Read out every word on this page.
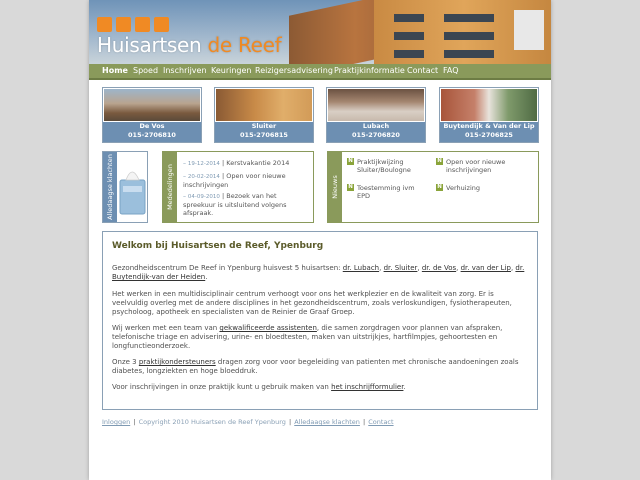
Huisartsen de Reef
Home Spoed Inschrijven Keuringen Reizigersadvisering Praktijkinformatie Contact FAQ
De Vos
015-2706810
Sluiter
015-2706815
Lubach
015-2706820
Buytendijk & Van der Lip
015-2706825
Alledaagse klachten	Mededelingen
– 19-12-2014 | Kerstvakantie 2014
– 20-02-2014 | Open voor nieuwe inschrijvingen
– 04-09-2010 | Bezoek van het spreekuur is uitsluitend volgens afspraak.
Nieuws
N Praktijkwijzing Sluiter/Boulogne
N Toestemming ivm EPD
N Open voor nieuwe inschrijvingen
N Verhuizing
Welkom bij Huisartsen de Reef, Ypenburg

Gezondheidscentrum De Reef in Ypenburg huisvest 5 huisartsen: dr. Lubach, dr. Sluiter, dr. de Vos, dr. van der Lip, dr. Buytendijk-van der Heiden.

Het werken in een multidisciplinair centrum verhoogt voor ons het werkplezier en de kwaliteit van zorg. Er is veelvuldig overleg met de andere disciplines in het gezondheidscentrum, zoals verloskundigen, fysiotherapeuten, psycholoog, apotheek en specialisten van de Reinier de Graaf Groep.

Wij werken met een team van gekwalificeerde assistenten, die samen zorgdragen voor plannen van afspraken, telefonische triage en advisering, urine- en bloedtesten, maken van uitstrijkjes, hartfilmpjes, gehoortesten en longfunctieonderzoek.

Onze 3 praktijkondersteuners dragen zorg voor voor begeleiding van patienten met chronische aandoeningen zoals diabetes, longziekten en hoge bloeddruk.

Voor inschrijvingen in onze praktijk kunt u gebruik maken van het inschrijfformulier.

Inloggen | Copyright 2010 Huisartsen de Reef Ypenburg | Alledaagse klachten | Contact
